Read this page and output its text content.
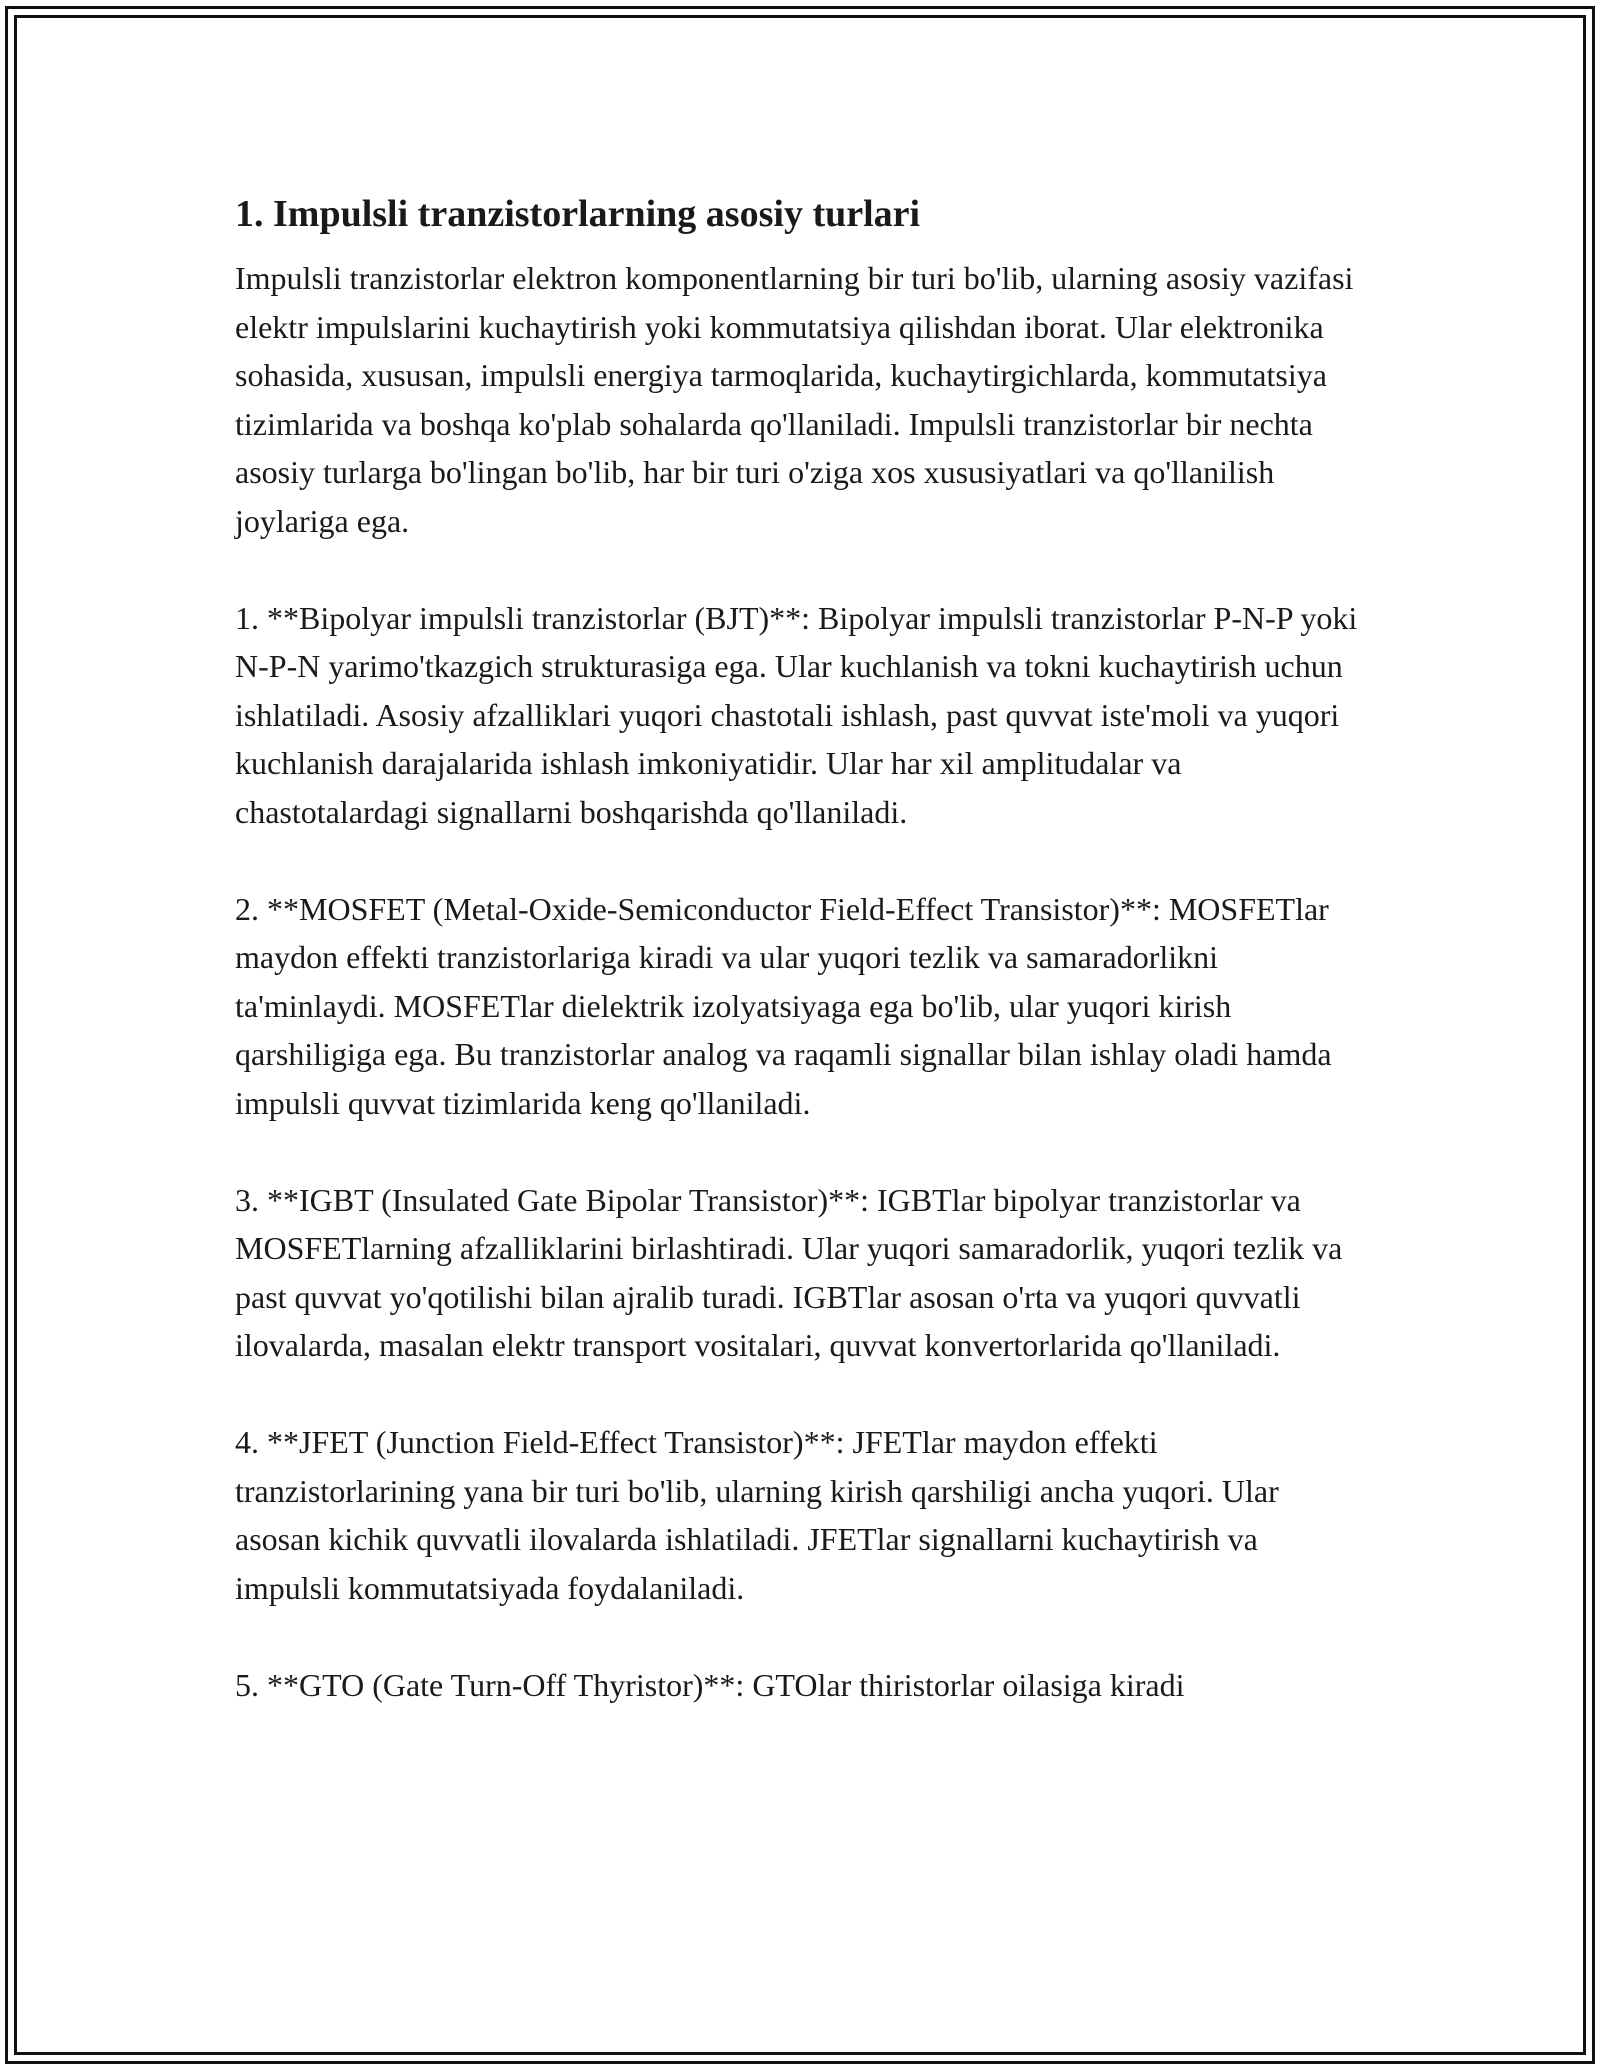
1. Impulsli tranzistorlarning asosiy turlari

Impulsli tranzistorlar elektron komponentlarning bir turi bo'lib, ularning asosiy vazifasi elektr impulslarini kuchaytirish yoki kommutatsiya qilishdan iborat. Ular elektronika sohasida, xususan, impulsli energiya tarmoqlarida, kuchaytirgichlarda, kommutatsiya tizimlarida va boshqa ko'plab sohalarda qo'llaniladi. Impulsli tranzistorlar bir nechta asosiy turlarga bo'lingan bo'lib, har bir turi o'ziga xos xususiyatlari va qo'llanilish joylariga ega.

1. **Bipolyar impulsli tranzistorlar (BJT)**: Bipolyar impulsli tranzistorlar P-N-P yoki N-P-N yarimo'tkazgich strukturasiga ega. Ular kuchlanish va tokni kuchaytirish uchun ishlatiladi. Asosiy afzalliklari yuqori chastotali ishlash, past quvvat iste'moli va yuqori kuchlanish darajalarida ishlash imkoniyatidir. Ular har xil amplitudalar va chastotalardagi signallarni boshqarishda qo'llaniladi.

2. **MOSFET (Metal-Oxide-Semiconductor Field-Effect Transistor)**: MOSFETlar maydon effekti tranzistorlariga kiradi va ular yuqori tezlik va samaradorlikni ta'minlaydi. MOSFETlar dielektrik izolyatsiyaga ega bo'lib, ular yuqori kirish qarshiligiga ega. Bu tranzistorlar analog va raqamli signallar bilan ishlay oladi hamda impulsli quvvat tizimlarida keng qo'llaniladi.

3. **IGBT (Insulated Gate Bipolar Transistor)**: IGBTlar bipolyar tranzistorlar va MOSFETlarning afzalliklarini birlashtiradi. Ular yuqori samaradorlik, yuqori tezlik va past quvvat yo'qotilishi bilan ajralib turadi. IGBTlar asosan o'rta va yuqori quvvatli ilovalarda, masalan elektr transport vositalari, quvvat konvertorlarida qo'llaniladi.

4. **JFET (Junction Field-Effect Transistor)**: JFETlar maydon effekti tranzistorlarining yana bir turi bo'lib, ularning kirish qarshiligi ancha yuqori. Ular asosan kichik quvvatli ilovalarda ishlatiladi. JFETlar signallarni kuchaytirish va impulsli kommutatsiyada foydalaniladi.

5. **GTO (Gate Turn-Off Thyristor)**: GTOlar thiristorlar oilasiga kiradi
